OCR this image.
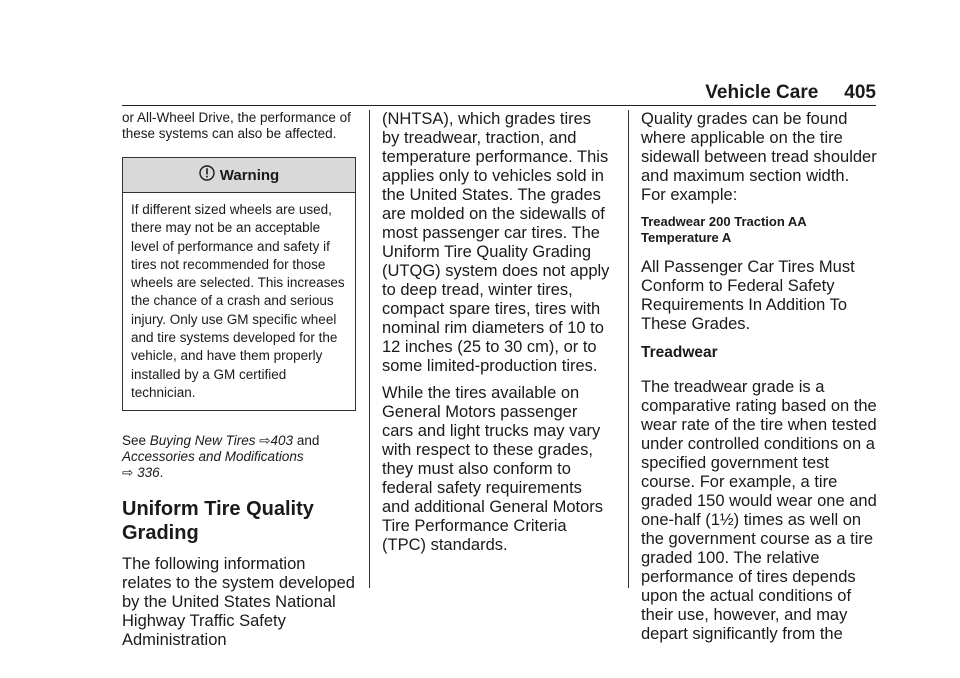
Vehicle Care 405

or All-Wheel Drive, the performance of these systems can also be affected.

Warning
If different sized wheels are used, there may not be an acceptable level of performance and safety if tires not recommended for those wheels are selected. This increases the chance of a crash and serious injury. Only use GM specific wheel and tire systems developed for the vehicle, and have them properly installed by a GM certified technician.

See Buying New Tires ⇨403 and
Accessories and Modifications
⇨ 336.

Uniform Tire Quality Grading

The following information relates to the system developed by the United States National Highway Traffic Safety Administration

(NHTSA), which grades tires by treadwear, traction, and temperature performance. This applies only to vehicles sold in the United States. The grades are molded on the sidewalls of most passenger car tires. The Uniform Tire Quality Grading (UTQG) system does not apply to deep tread, winter tires, compact spare tires, tires with nominal rim diameters of 10 to 12 inches (25 to 30 cm), or to some limited-production tires.

While the tires available on General Motors passenger cars and light trucks may vary with respect to these grades, they must also conform to federal safety requirements and additional General Motors Tire Performance Criteria (TPC) standards.

Quality grades can be found where applicable on the tire sidewall between tread shoulder and maximum section width. For example:

Treadwear 200 Traction AA Temperature A

All Passenger Car Tires Must Conform to Federal Safety Requirements In Addition To These Grades.

Treadwear

The treadwear grade is a comparative rating based on the wear rate of the tire when tested under controlled conditions on a specified government test course. For example, a tire graded 150 would wear one and one-half (1½) times as well on the government course as a tire graded 100. The relative performance of tires depends upon the actual conditions of their use, however, and may depart significantly from the
